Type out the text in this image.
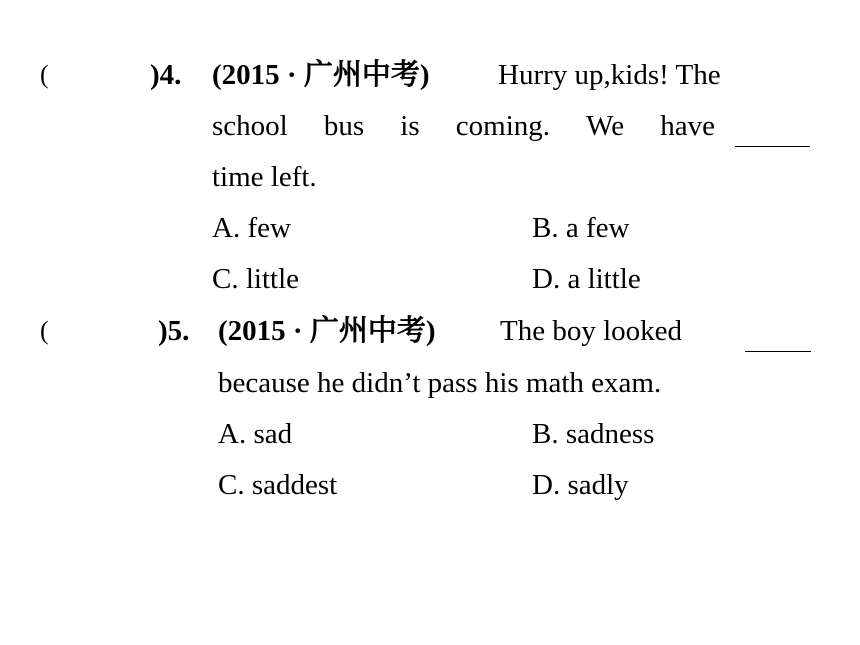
(	)4. (2015 · 广州中考) Hurry up,kids! The
school bus is coming. We have
time left.
A. few	B. a few
C. little	D. a little
(	)5. (2015 · 广州中考) The boy looked
because he didn’t pass his math exam.
A. sad	B. sadness
C. saddest	D. sadly
